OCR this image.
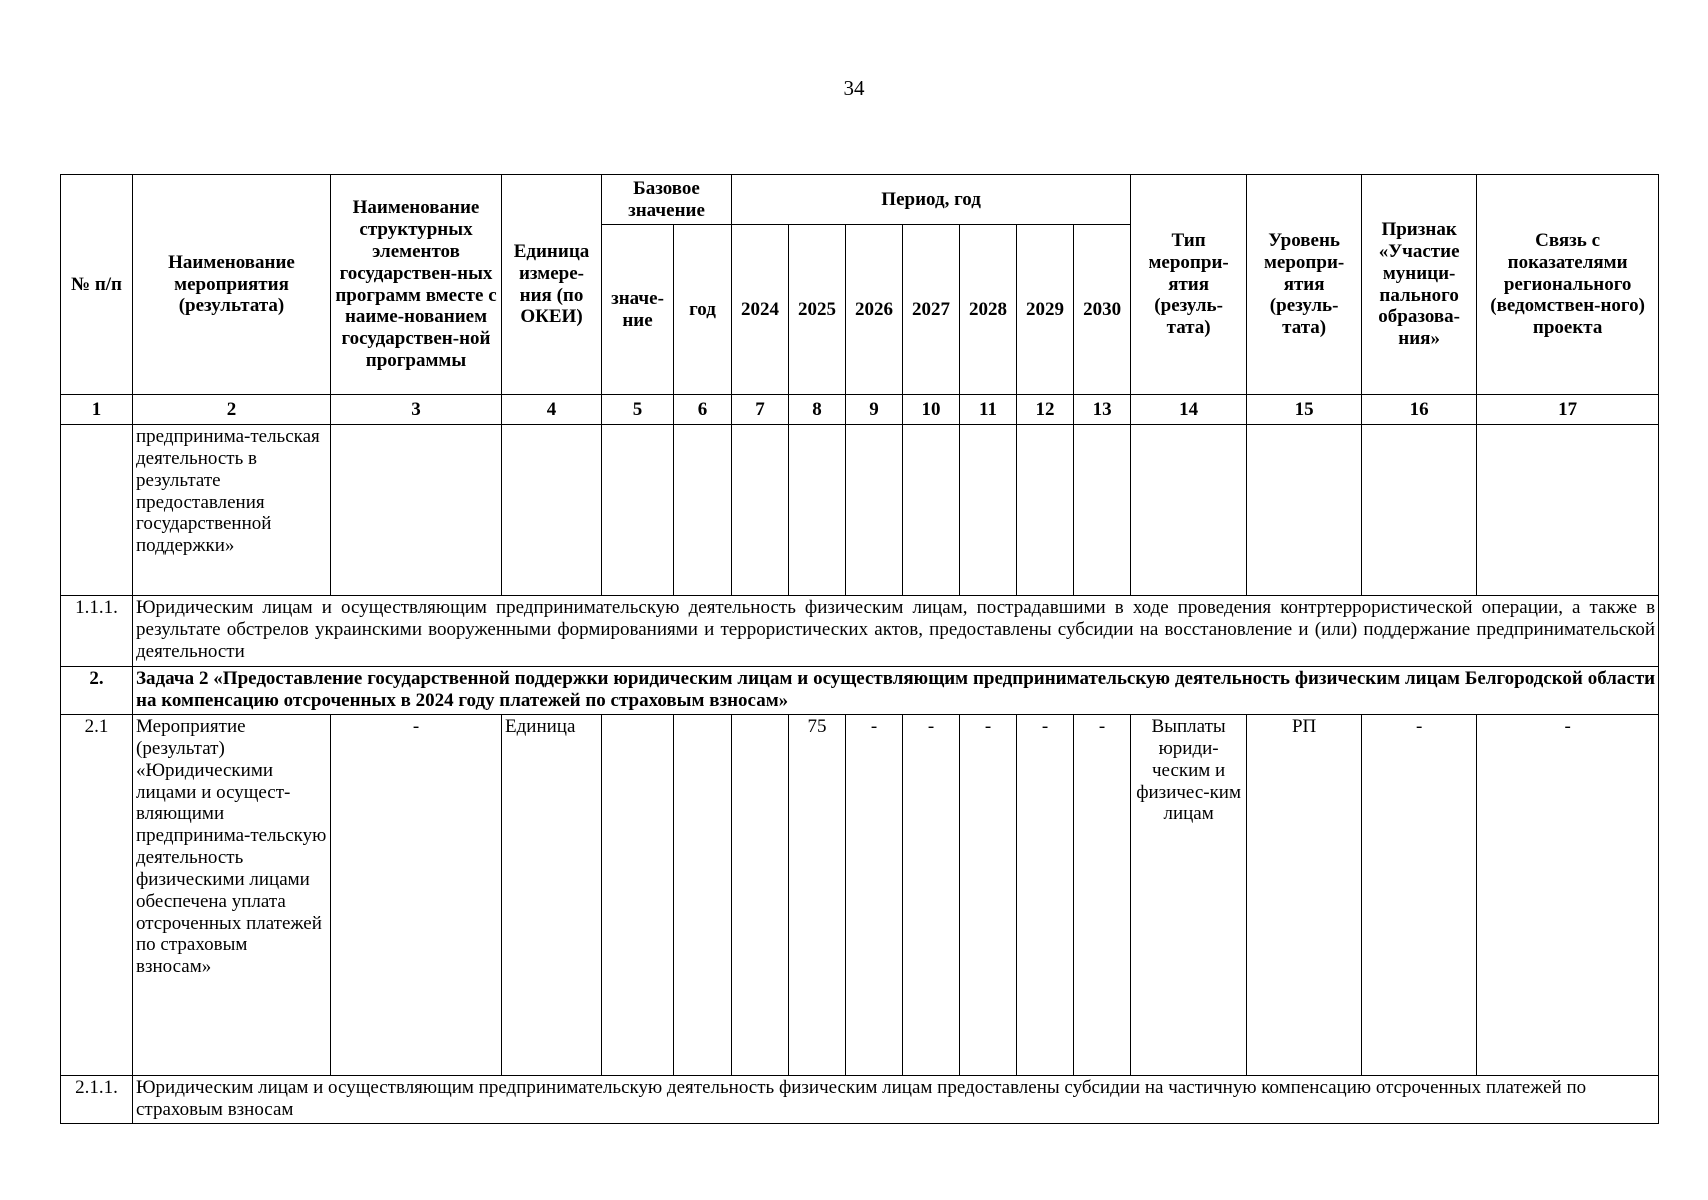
34
№ п/п	Наименование мероприятия (результата)	Наименование структурных элементов государствен-ных программ вместе с наиме-нованием государствен-ной программы	Единица измере-ния (по ОКЕИ)	Базовое значение		Период, год							Тип меропри-ятия (резуль-тата)	Уровень меропри-ятия (резуль-тата)	Признак «Участие муници-пального образова-ния»	Связь с показателями регионального (ведомствен-ного) проекта
				значе-ние	год	2024	2025	2026	2027	2028	2029	2030				
1	2	3	4	5	6	7	8	9	10	11	12	13	14	15	16	17
	предпринима-тельская деятельность в результате предоставления государственной поддержки»															
1.1.1.	Юридическим лицам и осуществляющим предпринимательскую деятельность физическим лицам, пострадавшими в ходе проведения контртеррористической операции, а также в результате обстрелов украинскими вооруженными формированиями и террористических актов, предоставлены субсидии на восстановление и (или) поддержание предпринимательской деятельности															
2.	Задача 2 «Предоставление государственной поддержки юридическим лицам и осуществляющим предпринимательскую деятельность физическим лицам Белгородской области на компенсацию отсроченных в 2024 году платежей по страховым взносам»															
2.1	Мероприятие (результат) «Юридическими лицами и осущест-вляющими предпринима-тельскую деятельность физическими лицами обеспечена уплата отсроченных платежей по страховым взносам»	-	Единица				75	-	-	-	-	-	Выплаты юриди-ческим и физичес-ким лицам	РП	-	-
2.1.1.	Юридическим лицам и осуществляющим предпринимательскую деятельность физическим лицам предоставлены субсидии на частичную компенсацию отсроченных платежей по страховым взносам															
